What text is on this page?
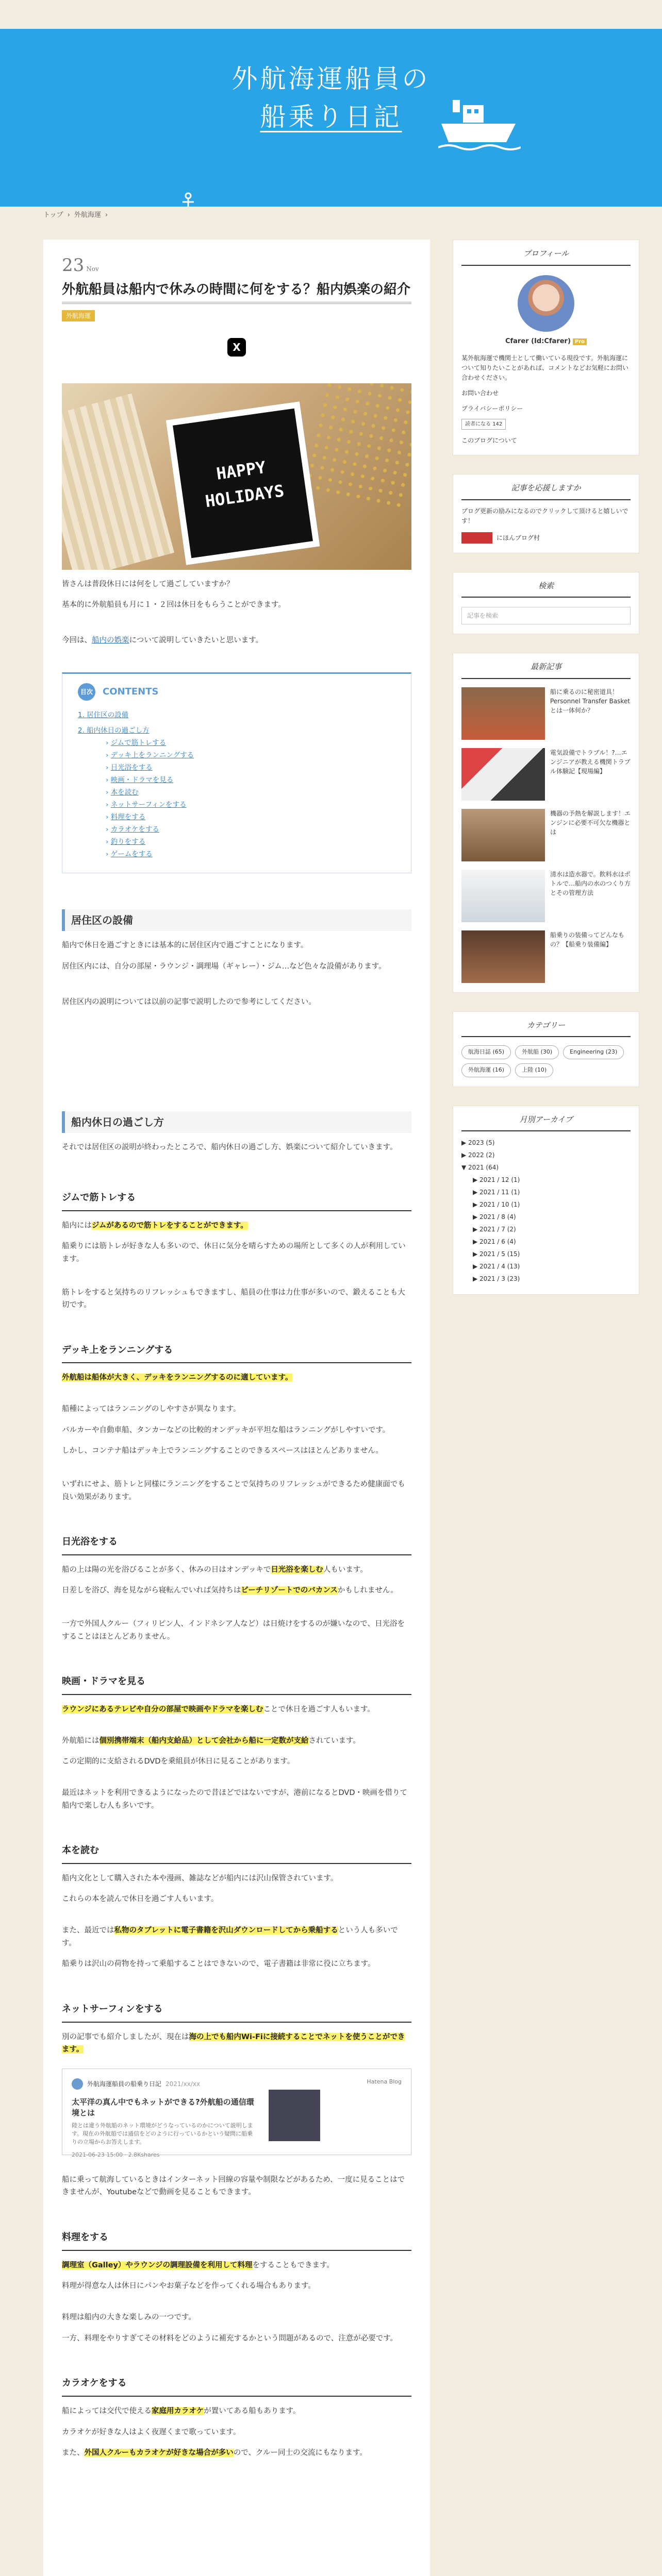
外航海運船員の
船乗り日記
トップ › 外航海運 ›
23 Nov
外航船員は船内で休みの時間に何をする？船内娯楽の紹介
外航海運
X
HAPPY HOLIDAYS

皆さんは普段休日には何をして過ごしていますか？

基本的に外航船員も月に１・２回は休日をもらうことができます。

今回は、船内の娯楽について説明していきたいと思います。

目次 CONTENTS
1. 居住区の設備
2. 船内休日の過ごし方
› ジムで筋トレする
› デッキ上をランニングする
› 日光浴をする
› 映画・ドラマを見る
› 本を読む
› ネットサーフィンをする
› 料理をする
› カラオケをする
› 釣りをする
› ゲームをする
居住区の設備

船内で休日を過ごすときには基本的に居住区内で過ごすことになります。

居住区内には、自分の部屋・ラウンジ・調理場（ギャレー）・ジム…など色々な設備があります。

居住区内の説明については以前の記事で説明したので参考にしてください。

船内休日の過ごし方

それでは居住区の説明が終わったところで、船内休日の過ごし方、娯楽について紹介していきます。

ジムで筋トレする

船内にはジムがあるので筋トレをすることができます。

船乗りには筋トレが好きな人も多いので、休日に気分を晴らすための場所として多くの人が利用しています。

筋トレをすると気持ちのリフレッシュもできますし、船員の仕事は力仕事が多いので、鍛えることも大切です。

デッキ上をランニングする

外航船は船体が大きく、デッキをランニングするのに適しています。

船種によってはランニングのしやすさが異なります。

バルカーや自動車船、タンカーなどの比較的オンデッキが平坦な船はランニングがしやすいです。

しかし、コンテナ船はデッキ上でランニングすることのできるスペースはほとんどありません。

いずれにせよ、筋トレと同様にランニングをすることで気持ちのリフレッシュができるため健康面でも良い効果があります。

日光浴をする

船の上は陽の光を浴びることが多く、休みの日はオンデッキで日光浴を楽しむ人もいます。

日差しを浴び、海を見ながら寝転んでいれば気持ちはビーチリゾートでのバカンスかもしれません。

一方で外国人クルー（フィリピン人、インドネシア人など）は日焼けをするのが嫌いなので、日光浴をすることはほとんどありません。

映画・ドラマを見る

ラウンジにあるテレビや自分の部屋で映画やドラマを楽しむことで休日を過ごす人もいます。

外航船には個別携帯端末（船内支給品）として会社から船に一定数が支給されています。

この定期的に支給されるDVDを乗組員が休日に見ることがあります。

最近はネットを利用できるようになったので昔ほどではないですが、港前になるとDVD・映画を借りて船内で楽しむ人も多いです。

本を読む

船内文化として購入された本や漫画、雑誌などが船内には沢山保管されています。

これらの本を読んで休日を過ごす人もいます。

また、最近では私物のタブレットに電子書籍を沢山ダウンロードしてから乗船するという人も多いです。

船乗りは沢山の荷物を持って乗船することはできないので、電子書籍は非常に役に立ちます。

ネットサーフィンをする

別の記事でも紹介しましたが、現在は海の上でも船内Wi-Fiに接続することでネットを使うことができます。

外航海運船員の船乗り日記 2021/xx/xx	Hatena Blog
太平洋の真ん中でもネットができる?外航船の通信環境とは
陸とは違う外航船のネット環境がどうなっているのかについて説明します。現在の外航船では通信をどのように行っているかという疑問に船乗りの立場からお答えします。
2021-06-23 15:00 · 2.8Kshares

船に乗って航海しているときはインターネット回線の容量や制限などがあるため、一度に見ることはできませんが、Youtubeなどで動画を見ることもできます。

料理をする

調理室（Galley）やラウンジの調理設備を利用して料理をすることもできます。

料理が得意な人は休日にパンやお菓子などを作ってくれる場合もあります。

料理は船内の大きな楽しみの一つです。

一方、料理をやりすぎてその材料をどのように補充するかという問題があるので、注意が必要です。

カラオケをする

船によっては交代で使える家庭用カラオケが置いてある船もあります。

カラオケが好きな人はよく夜遅くまで歌っています。

また、外国人クルーもカラオケが好きな場合が多いので、クルー同士の交流にもなります。

プロフィール
Cfarer (Id:Cfarer) Pro
某外航海運で機関士として働いている現役です。外航海運について知りたいことがあれば、コメントなどお気軽にお問い合わせください。
お問い合わせ
プライバシーポリシー
読者になる 142
このブログについて
記事を応援しますか
ブログ更新の励みになるのでクリックして頂けると嬉しいです！
にほんブログ村
検索
記事を検索
最新記事
船に乗るのに秘密道具！Personnel Transfer Basketとは一体何か？
電気設備でトラブル！?…エンジニアが教える機関トラブル体験記【現場編】
機器の予熱を解説します！エンジンに必要不可欠な機器とは
清水は造水器で。飲料水はボトルで…船内の水のつくり方とその管理方法
船乗りの装備ってどんなもの？【船乗り装備編】
カテゴリー
航海日誌 (65)	外航船 (30)	Engineering (23)
外航海運 (16)	上陸 (10)
月別アーカイブ
▶ 2023 (5)
▶ 2022 (2)
▼ 2021 (64)
▶ 2021 / 12 (1)
▶ 2021 / 11 (1)
▶ 2021 / 10 (1)
▶ 2021 / 8 (4)
▶ 2021 / 7 (2)
▶ 2021 / 6 (4)
▶ 2021 / 5 (15)
▶ 2021 / 4 (13)
▶ 2021 / 3 (23)
